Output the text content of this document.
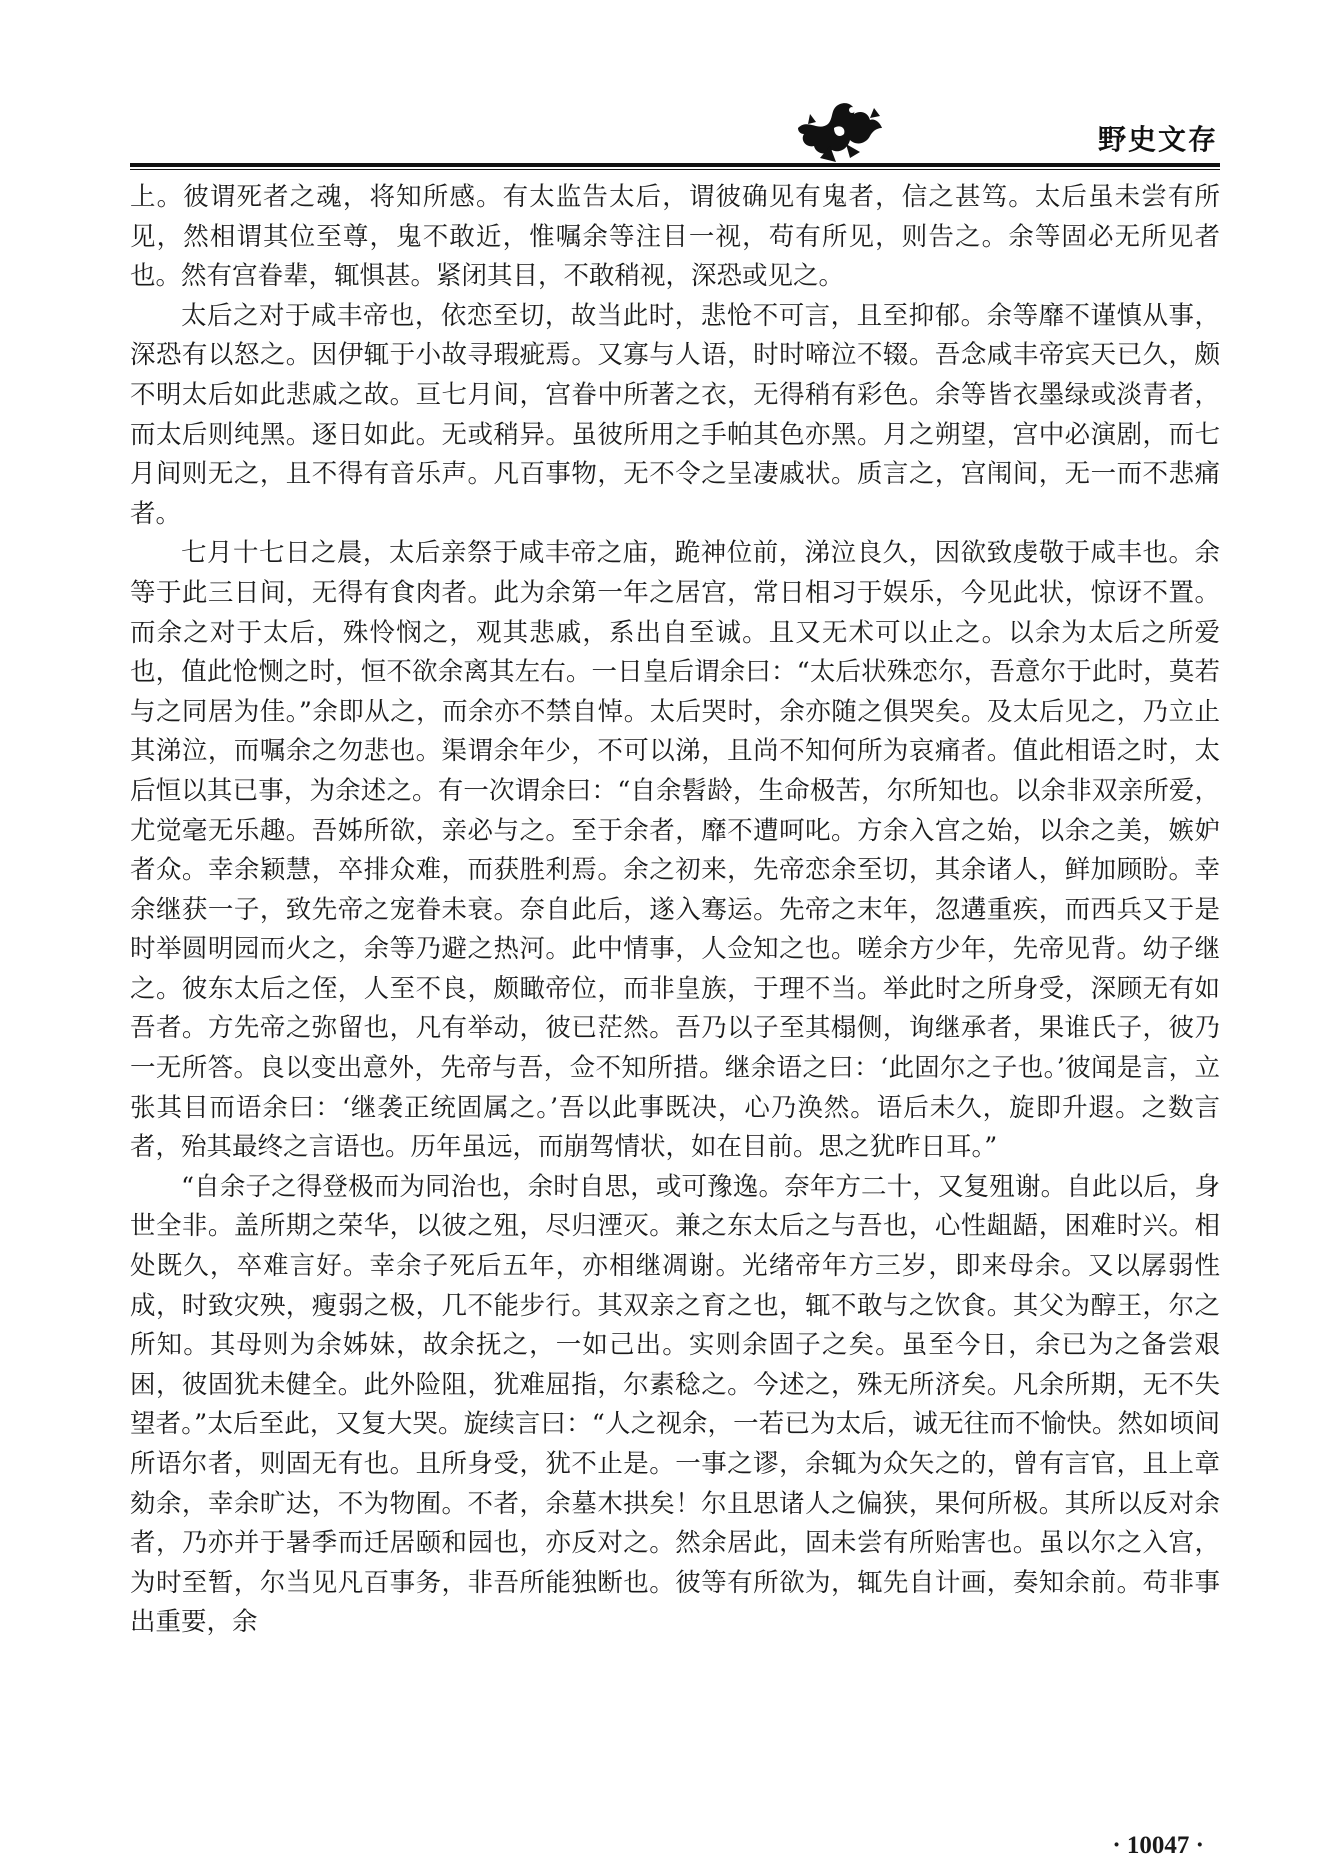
野史文存

上。彼谓死者之魂，将知所感。有太监告太后，谓彼确见有鬼者，信之甚笃。太后虽未尝有所见，然相谓其位至尊，鬼不敢近，惟嘱余等注目一视，苟有所见，则告之。余等固必无所见者也。然有宫眷辈，辄惧甚。紧闭其目，不敢稍视，深恐或见之。

太后之对于咸丰帝也，依恋至切，故当此时，悲怆不可言，且至抑郁。余等靡不谨慎从事，深恐有以怒之。因伊辄于小故寻瑕疵焉。又寡与人语，时时啼泣不辍。吾念咸丰帝宾天已久，颇不明太后如此悲戚之故。亘七月间，宫眷中所著之衣，无得稍有彩色。余等皆衣墨绿或淡青者，而太后则纯黑。逐日如此。无或稍异。虽彼所用之手帕其色亦黑。月之朔望，宫中必演剧，而七月间则无之，且不得有音乐声。凡百事物，无不令之呈凄戚状。质言之，宫闱间，无一而不悲痛者。

七月十七日之晨，太后亲祭于咸丰帝之庙，跪神位前，涕泣良久，因欲致虔敬于咸丰也。余等于此三日间，无得有食肉者。此为余第一年之居宫，常日相习于娱乐，今见此状，惊讶不置。而余之对于太后，殊怜悯之，观其悲戚，系出自至诚。且又无术可以止之。以余为太后之所爱也，值此怆恻之时，恒不欲余离其左右。一日皇后谓余曰：“太后状殊恋尔，吾意尔于此时，莫若与之同居为佳。”余即从之，而余亦不禁自悼。太后哭时，余亦随之俱哭矣。及太后见之，乃立止其涕泣，而嘱余之勿悲也。渠谓余年少，不可以涕，且尚不知何所为哀痛者。值此相语之时，太后恒以其已事，为余述之。有一次谓余曰：“自余髫龄，生命极苦，尔所知也。以余非双亲所爱，尤觉毫无乐趣。吾姊所欲，亲必与之。至于余者，靡不遭呵叱。方余入宫之始，以余之美，嫉妒者众。幸余颖慧，卒排众难，而获胜利焉。余之初来，先帝恋余至切，其余诸人，鲜加顾盼。幸余继获一子，致先帝之宠眷未衰。奈自此后，遂入骞运。先帝之末年，忽遘重疾，而西兵又于是时举圆明园而火之，余等乃避之热河。此中情事，人佥知之也。嗟余方少年，先帝见背。幼子继之。彼东太后之侄，人至不良，颇瞰帝位，而非皇族，于理不当。举此时之所身受，深顾无有如吾者。方先帝之弥留也，凡有举动，彼已茫然。吾乃以子至其榻侧，询继承者，果谁氏子，彼乃一无所答。良以变出意外，先帝与吾，佥不知所措。继余语之曰：‘此固尔之子也。’彼闻是言，立张其目而语余曰：‘继袭正统固属之。’吾以此事既决，心乃涣然。语后未久，旋即升遐。之数言者，殆其最终之言语也。历年虽远，而崩驾情状，如在目前。思之犹昨日耳。”

“自余子之得登极而为同治也，余时自思，或可豫逸。奈年方二十，又复殂谢。自此以后，身世全非。盖所期之荣华，以彼之殂，尽归湮灭。兼之东太后之与吾也，心性龃龉，困难时兴。相处既久，卒难言好。幸余子死后五年，亦相继凋谢。光绪帝年方三岁，即来母余。又以孱弱性成，时致灾殃，瘦弱之极，几不能步行。其双亲之育之也，辄不敢与之饮食。其父为醇王，尔之所知。其母则为余姊妹，故余抚之，一如己出。实则余固子之矣。虽至今日，余已为之备尝艰困，彼固犹未健全。此外险阻，犹难屈指，尔素稔之。今述之，殊无所济矣。凡余所期，无不失望者。”太后至此，又复大哭。旋续言曰：“人之视余，一若已为太后，诚无往而不愉快。然如顷间所语尔者，则固无有也。且所身受，犹不止是。一事之谬，余辄为众矢之的，曾有言官，且上章劾余，幸余旷达，不为物囿。不者，余墓木拱矣！尔且思诸人之偏狭，果何所极。其所以反对余者，乃亦并于暑季而迁居颐和园也，亦反对之。然余居此，固未尝有所贻害也。虽以尔之入宫，为时至暂，尔当见凡百事务，非吾所能独断也。彼等有所欲为，辄先自计画，奏知余前。苟非事出重要，余

· 10047 ·
